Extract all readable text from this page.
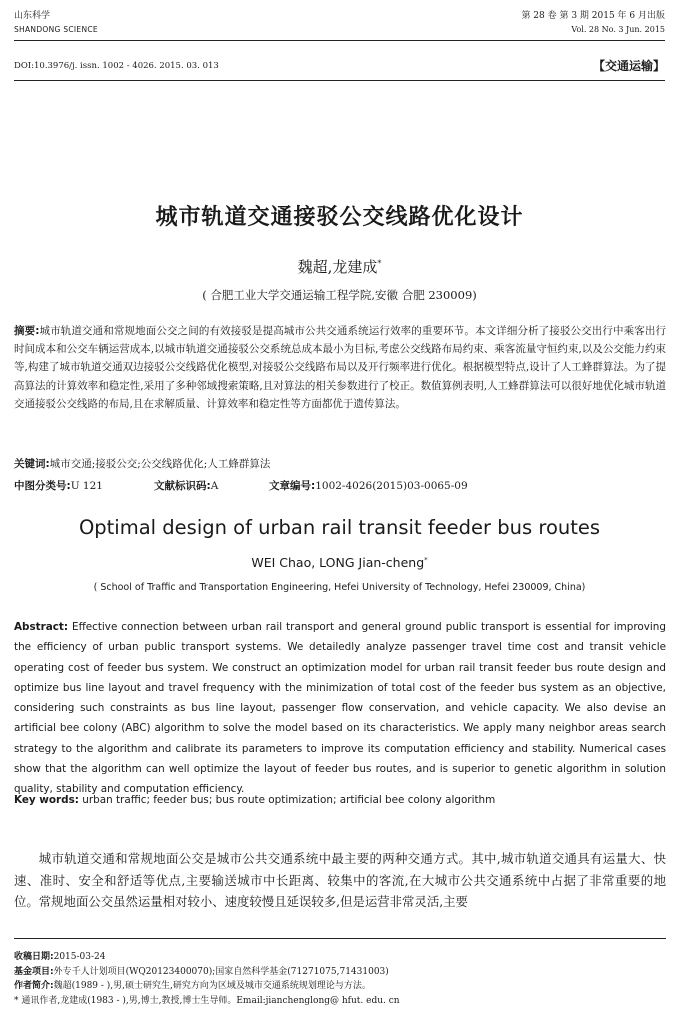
山东科学
SHANDONG SCIENCE
第 28 卷 第 3 期 2015 年 6 月出版
Vol. 28 No. 3 Jun. 2015
DOI:10.3976/j. issn. 1002 - 4026. 2015. 03. 013	【交通运输】
城市轨道交通接驳公交线路优化设计
魏超,龙建成*
( 合肥工业大学交通运输工程学院,安徽 合肥 230009)
摘要:城市轨道交通和常规地面公交之间的有效接驳是提高城市公共交通系统运行效率的重要环节。本文详细分析了接驳公交出行中乘客出行时间成本和公交车辆运营成本,以城市轨道交通接驳公交系统总成本最小为目标,考虑公交线路布局约束、乘客流量守恒约束,以及公交能力约束等,构建了城市轨道交通双边接驳公交线路优化模型,对接驳公交线路布局以及开行频率进行优化。根据模型特点,设计了人工蜂群算法。为了提高算法的计算效率和稳定性,采用了多种邻域搜索策略,且对算法的相关参数进行了校正。数值算例表明,人工蜂群算法可以很好地优化城市轨道交通接驳公交线路的布局,且在求解质量、计算效率和稳定性等方面都优于遗传算法。
关键词:城市交通;接驳公交;公交线路优化;人工蜂群算法
中图分类号:U 121	文献标识码:A	文章编号:1002-4026(2015)03-0065-09
Optimal design of urban rail transit feeder bus routes
WEI Chao, LONG Jian-cheng*
( School of Traffic and Transportation Engineering, Hefei University of Technology, Hefei 230009, China)
Abstract: Effective connection between urban rail transport and general ground public transport is essential for improving the efficiency of urban public transport systems. We detailedly analyze passenger travel time cost and transit vehicle operating cost of feeder bus system. We construct an optimization model for urban rail transit feeder bus route design and optimize bus line layout and travel frequency with the minimization of total cost of the feeder bus system as an objective, considering such constraints as bus line layout, passenger flow conservation, and vehicle capacity. We also devise an artificial bee colony (ABC) algorithm to solve the model based on its characteristics. We apply many neighbor areas search strategy to the algorithm and calibrate its parameters to improve its computation efficiency and stability. Numerical cases show that the algorithm can well optimize the layout of feeder bus routes, and is superior to genetic algorithm in solution quality, stability and computation efficiency.
Key words: urban traffic; feeder bus; bus route optimization; artificial bee colony algorithm
城市轨道交通和常规地面公交是城市公共交通系统中最主要的两种交通方式。其中,城市轨道交通具有运量大、快速、准时、安全和舒适等优点,主要输送城市中长距离、较集中的客流,在大城市公共交通系统中占据了非常重要的地位。常规地面公交虽然运量相对较小、速度较慢且延误较多,但是运营非常灵活,主要
收稿日期:2015-03-24
基金项目:外专千人计划项目(WQ20123400070);国家自然科学基金(71271075,71431003)
作者简介:魏超(1989 - ),男,硕士研究生,研究方向为区域及城市交通系统规划理论与方法。
* 通讯作者,龙建成(1983 - ),男,博士,教授,博士生导师。Email:jianchenglong@ hfut. edu. cn
